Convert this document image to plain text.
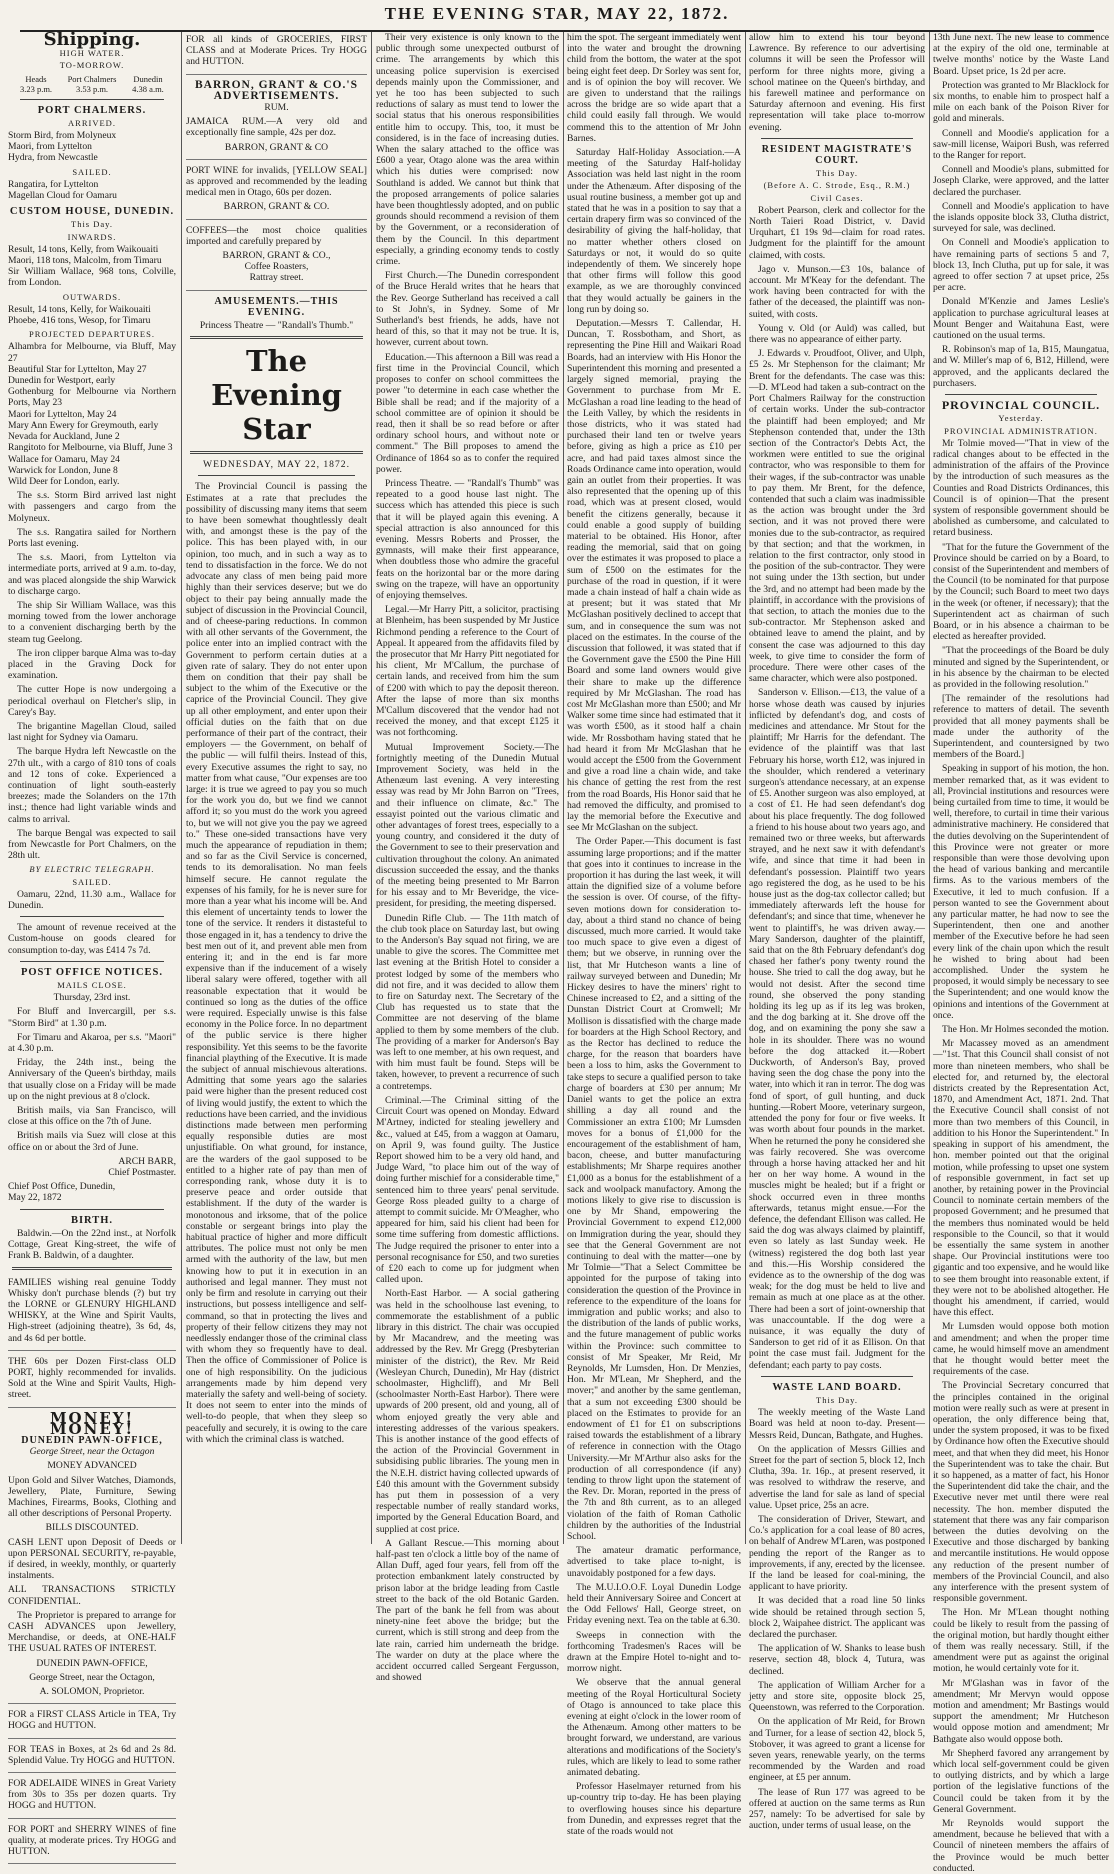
THE EVENING STAR, MAY 22, 1872.
Shipping.
HIGH WATER.
TO-MORROW.
Heads
3.23 p.m.
Port Chalmers
3.53 p.m.
Dunedin
4.38 a.m.
PORT CHALMERS.
ARRIVED.

Storm Bird, from Molyneux
Maori, from Lyttelton
Hydra, from Newcastle

SAILED.

Rangatira, for Lyttelton
Magellan Cloud for Oamaru

CUSTOM HOUSE, DUNEDIN.
This Day.
INWARDS.

Result, 14 tons, Kelly, from Waikouaiti
Maori, 118 tons, Malcolm, from Timaru
Sir William Wallace, 968 tons, Colville, from London.

OUTWARDS.

Result, 14 tons, Kelly, for Waikouaiti
Phoebe, 416 tons, Wesop, for Timaru

PROJECTED DEPARTURES.

Alhambra for Melbourne, via Bluff, May 27
Beautiful Star for Lyttelton, May 27
Dunedin for Westport, early
Gothenburg for Melbourne via Northern Ports, May 23
Maori for Lyttelton, May 24
Mary Ann Ewery for Greymouth, early
Nevada for Auckland, June 2
Rangitoto for Melbourne, via Bluff, June 3
Wallace for Oamaru, May 24
Warwick for London, June 8
Wild Deer for London, early.

The s.s. Storm Bird arrived last night with passengers and cargo from the Molyneux.

The s.s. Rangatira sailed for Northern Ports last evening.

The s.s. Maori, from Lyttelton via intermediate ports, arrived at 9 a.m. to-day, and was placed alongside the ship Warwick to discharge cargo.

The ship Sir William Wallace, was this morning towed from the lower anchorage to a convenient discharging berth by the steam tug Geelong.

The iron clipper barque Alma was to-day placed in the Graving Dock for examination.

The cutter Hope is now undergoing a periodical overhaul on Fletcher's slip, in Carey's Bay.

The brigantine Magellan Cloud, sailed last night for Sydney via Oamaru.

The barque Hydra left Newcastle on the 27th ult., with a cargo of 810 tons of coals and 12 tons of coke. Experienced a continuation of light south-easterly breezes; made the Solanders on the 17th inst.; thence had light variable winds and calms to arrival.

The barque Bengal was expected to sail from Newcastle for Port Chalmers, on the 28th ult.

BY ELECTRIC TELEGRAPH.
SAILED.

Oamaru, 22nd, 11.30 a.m., Wallace for Dunedin.

The amount of revenue received at the Custom-house on goods cleared for consumption to-day, was £414 7s 7d.

POST OFFICE NOTICES.
MAILS CLOSE.

Thursday, 23rd inst.

For Bluff and Invercargill, per s.s. "Storm Bird" at 1.30 p.m.

For Timaru and Akaroa, per s.s. "Maori" at 4.30 p.m.

Friday, the 24th inst., being the Anniversary of the Queen's birthday, mails that usually close on a Friday will be made up on the night previous at 8 o'clock.

British mails, via San Francisco, will close at this office on the 7th of June.

British mails via Suez will close at this office on or about the 3rd of June.

ARCH BARR,
Chief Postmaster.

Chief Post Office, Dunedin,
May 22, 1872

BIRTH.

Baldwin.—On the 22nd inst., at Norfolk Cottage, Great King-street, the wife of Frank B. Baldwin, of a daughter.

FAMILIES wishing real genuine Toddy Whisky don't purchase blends (?) but try the LORNE or GLENURY HIGHLAND WHISKY, at the Wine and Spirit Vaults, High-street (adjoining theatre), 3s 6d, 4s, and 4s 6d per bottle.

THE 60s per Dozen First-class OLD PORT, highly recommended for invalids. Sold at the Wine and Spirit Vaults, High-street.

MONEY! MONEY!
DUNEDIN PAWN-OFFICE,

George Street, near the Octagon

MONEY ADVANCED

Upon Gold and Silver Watches, Diamonds, Jewellery, Plate, Furniture, Sewing Machines, Firearms, Books, Clothing and all other descriptions of Personal Property.

BILLS DISCOUNTED.

CASH LENT upon Deposit of Deeds or upon PERSONAL SECURITY, re-payable, if desired, in weekly, monthly, or quarterly instalments.

ALL TRANSACTIONS STRICTLY CONFIDENTIAL.

The Proprietor is prepared to arrange for CASH ADVANCES upon Jewellery, Merchandise, or deeds, at ONE-HALF THE USUAL RATES OF INTEREST.

DUNEDIN PAWN-OFFICE,

George Street, near the Octagon,

A. SOLOMON, Proprietor.

FOR a FIRST CLASS Article in TEA, Try HOGG and HUTTON.

FOR TEAS in Boxes, at 2s 6d and 2s 8d. Splendid Value. Try HOGG and HUTTON.

FOR ADELAIDE WINES in Great Variety from 30s to 35s per dozen quarts. Try HOGG and HUTTON.

FOR PORT and SHERRY WINES of fine quality, at moderate prices. Try HOGG and HUTTON.

FOR all kinds of GROCERIES, FIRST CLASS and at Moderate Prices. Try HOGG and HUTTON.

BARRON, GRANT & CO.'S ADVERTISEMENTS.

RUM.

JAMAICA RUM.—A very old and exceptionally fine sample, 42s per doz.

BARRON, GRANT & CO

PORT WINE for invalids, [YELLOW SEAL] as approved and recommended by the leading medical men in Otago, 60s per dozen.

BARRON, GRANT & CO.

COFFEES—the most choice qualities imported and carefully prepared by

BARRON, GRANT & CO.,
Coffee Roasters,
Rattray street.

AMUSEMENTS.—THIS EVENING.

Princess Theatre — "Randall's Thumb."

The Evening Star

WEDNESDAY, MAY 22, 1872.

The Provincial Council is passing the Estimates at a rate that precludes the possibility of discussing many items that seem to have been somewhat thoughtlessly dealt with, and amongst these is the pay of the police. This has been played with, in our opinion, too much, and in such a way as to tend to dissatisfaction in the force. We do not advocate any class of men being paid more highly than their services deserve; but we do object to their pay being annually made the subject of discussion in the Provincial Council, and of cheese-paring reductions. In common with all other servants of the Government, the police enter into an implied contract with the Government to perform certain duties at a given rate of salary. They do not enter upon them on condition that their pay shall be subject to the whim of the Executive or the caprice of the Provincial Council. They give up all other employment, and enter upon their official duties on the faith that on due performance of their part of the contract, their employers — the Government, on behalf of the public — will fulfil theirs. Instead of this, every Executive assumes the right to say, no matter from what cause, "Our expenses are too large: it is true we agreed to pay you so much for the work you do, but we find we cannot afford it; so you must do the work you agreed to, but we will not give you the pay we agreed to." These one-sided transactions have very much the appearance of repudiation in them; and so far as the Civil Service is concerned, tends to its demoralisation. No man feels himself secure. He cannot regulate the expenses of his family, for he is never sure for more than a year what his income will be. And this element of uncertainty tends to lower the tone of the service. It renders it distasteful to those engaged in it, has a tendency to drive the best men out of it, and prevent able men from entering it; and in the end is far more expensive than if the inducement of a wisely liberal salary were offered, together with all reasonable expectation that it would be continued so long as the duties of the office were required. Especially unwise is this false economy in the Police force. In no department of the public service is there higher responsibility. Yet this seems to be the favorite financial plaything of the Executive. It is made the subject of annual mischievous alterations. Admitting that some years ago the salaries paid were higher than the present reduced cost of living would justify, the extent to which the reductions have been carried, and the invidious distinctions made between men performing equally responsible duties are most unjustifiable. On what ground, for instance, are the warders of the gaol supposed to be entitled to a higher rate of pay than men of corresponding rank, whose duty it is to preserve peace and order outside that establishment. If the duty of the warder is monotonous and irksome, that of the police constable or sergeant brings into play the habitual practice of higher and more difficult attributes. The police must not only be men armed with the authority of the law, but men knowing how to put it in execution in an authorised and legal manner. They must not only be firm and resolute in carrying out their instructions, but possess intelligence and self-command, so that in protecting the lives and property of their fellow citizens they may not needlessly endanger those of the criminal class with whom they so frequently have to deal. Then the office of Commissioner of Police is one of high responsibility. On the judicious arrangements made by him depend very materially the safety and well-being of society. It does not seem to enter into the minds of well-to-do people, that when they sleep so peacefully and securely, it is owing to the care with which the criminal class is watched.

Their very existence is only known to the public through some unexpected outburst of crime. The arrangements by which this unceasing police supervision is exercised depends mainly upon the Commissioner, and yet he too has been subjected to such reductions of salary as must tend to lower the social status that his onerous responsibilities entitle him to occupy. This, too, it must be considered, is in the face of increasing duties. When the salary attached to the office was £600 a year, Otago alone was the area within which his duties were comprised: now Southland is added. We cannot but think that the proposed arrangements of police salaries have been thoughtlessly adopted, and on public grounds should recommend a revision of them by the Government, or a reconsideration of them by the Council. In this department especially, a grinding economy tends to costly crime.

First Church.—The Dunedin correspondent of the Bruce Herald writes that he hears that the Rev. George Sutherland has received a call to St John's, in Sydney. Some of Mr Sutherland's best friends, he adds, have not heard of this, so that it may not be true. It is, however, current about town.

Education.—This afternoon a Bill was read a first time in the Provincial Council, which proposes to confer on school committees the power "to determine in each case whether the Bible shall be read; and if the majority of a school committee are of opinion it should be read, then it shall be so read before or after ordinary school hours, and without note or comment." The Bill proposes to amend the Ordinance of 1864 so as to confer the required power.

Princess Theatre. — "Randall's Thumb" was repeated to a good house last night. The success which has attended this piece is such that it will be played again this evening. A special attraction is also announced for this evening. Messrs Roberts and Prosser, the gymnasts, will make their first appearance, when doubtless those who admire the graceful feats on the horizontal bar or the more daring swing on the trapeze, will have an opportunity of enjoying themselves.

Legal.—Mr Harry Pitt, a solicitor, practising at Blenheim, has been suspended by Mr Justice Richmond pending a reference to the Court of Appeal. It appeared from the affidavits filed by the prosecutor that Mr Harry Pitt negotiated for his client, Mr M'Callum, the purchase of certain lands, and received from him the sum of £200 with which to pay the deposit thereon. After the lapse of more than six months M'Callum discovered that the vendor had not received the money, and that except £125 it was not forthcoming.

Mutual Improvement Society.—The fortnightly meeting of the Dunedin Mutual Improvement Society, was held in the Athenæum last evening. A very interesting essay was read by Mr John Barron on "Trees, and their influence on climate, &c." The essayist pointed out the various climatic and other advantages of forest trees, especially to a young country, and considered it the duty of the Government to see to their preservation and cultivation throughout the colony. An animated discussion succeeded the essay, and the thanks of the meeting being presented to Mr Barron for his essay and to Mr Beveridge, the vice-president, for presiding, the meeting dispersed.

Dunedin Rifle Club. — The 11th match of the club took place on Saturday last, but owing to the Anderson's Bay squad not firing, we are unable to give the scores. The Committee met last evening at the British Hotel to consider a protest lodged by some of the members who did not fire, and it was decided to allow them to fire on Saturday next. The Secretary of the Club has requested us to state that the Committee are not deserving of the blame applied to them by some members of the club. The providing of a marker for Anderson's Bay was left to one member, at his own request, and with him must fault be found. Steps will be taken, however, to prevent a recurrence of such a contretemps.

Criminal.—The Criminal sitting of the Circuit Court was opened on Monday. Edward M'Artney, indicted for stealing jewellery and &c., valued at £45, from a waggon at Oamaru, on April 9, was found guilty. The Justice Report showed him to be a very old hand, and Judge Ward, "to place him out of the way of doing further mischief for a considerable time," sentenced him to three years' penal servitude. George Ross pleaded guilty to a charge of attempt to commit suicide. Mr O'Meagher, who appeared for him, said his client had been for some time suffering from domestic afflictions. The Judge required the prisoner to enter into a personal recognisance for £50, and two sureties of £20 each to come up for judgment when called upon.

North-East Harbor. — A social gathering was held in the schoolhouse last evening, to commemorate the establishment of a public library in this district. The chair was occupied by Mr Macandrew, and the meeting was addressed by the Rev. Mr Gregg (Presbyterian minister of the district), the Rev. Mr Reid (Wesleyan Church, Dunedin), Mr Hay (district schoolmaster, Highcliff), and Mr Bell (schoolmaster North-East Harbor). There were upwards of 200 present, old and young, all of whom enjoyed greatly the very able and interesting addresses of the various speakers. This is another instance of the good effects of the action of the Provincial Government in subsidising public libraries. The young men in the N.E.H. district having collected upwards of £40 this amount with the Government subsidy has put them in possession of a very respectable number of really standard works, imported by the General Education Board, and supplied at cost price.

A Gallant Rescue.—This morning about half-past ten o'clock a little boy of the name of Allan Duff, aged four years, fell from off the protection embankment lately constructed by prison labor at the bridge leading from Castle street to the back of the old Botanic Garden. The part of the bank he fell from was about ninety-nine feet above the bridge; but the current, which is still strong and deep from the late rain, carried him underneath the bridge. The warder on duty at the place where the accident occurred called Sergeant Fergusson, and showed

him the spot. The sergeant immediately went into the water and brought the drowning child from the bottom, the water at the spot being eight feet deep. Dr Sorley was sent for, and is of opinion the boy will recover. We are given to understand that the railings across the bridge are so wide apart that a child could easily fall through. We would commend this to the attention of Mr John Barnes.

Saturday Half-Holiday Association.—A meeting of the Saturday Half-holiday Association was held last night in the room under the Athenæum. After disposing of the usual routine business, a member got up and stated that he was in a position to say that a certain drapery firm was so convinced of the desirability of giving the half-holiday, that no matter whether others closed on Saturdays or not, it would do so quite independently of them. We sincerely hope that other firms will follow this good example, as we are thoroughly convinced that they would actually be gainers in the long run by doing so.

Deputation.—Messrs T. Callendar, H. Duncan, T. Rossbotham, and Short, as representing the Pine Hill and Waikari Road Boards, had an interview with His Honor the Superintendent this morning and presented a largely signed memorial, praying the Government to purchase from Mr E. McGlashan a road line leading to the head of the Leith Valley, by which the residents in those districts, who it was stated had purchased their land ten or twelve years before, giving as high a price as £10 per acre, and had paid taxes almost since the Roads Ordinance came into operation, would gain an outlet from their properties. It was also represented that the opening up of this road, which was at present closed, would benefit the citizens generally, because it could enable a good supply of building material to be obtained. His Honor, after reading the memorial, said that on going over the estimates it was proposed to place a sum of £500 on the estimates for the purchase of the road in question, if it were made a chain instead of half a chain wide as at present; but it was stated that Mr McGlashan positively declined to accept that sum, and in consequence the sum was not placed on the estimates. In the course of the discussion that followed, it was stated that if the Government gave the £500 the Pine Hill Board and some land owners would give their share to make up the difference required by Mr McGlashan. The road has cost Mr McGlashan more than £500; and Mr Walker some time since had estimated that it was worth £500, as it stood half a chain wide. Mr Rossbotham having stated that he had heard it from Mr McGlashan that he would accept the £500 from the Government and give a road line a chain wide, and take his chance of getting the rest from the rest from the road Boards, His Honor said that he had removed the difficulty, and promised to lay the memorial before the Executive and see Mr McGlashan on the subject.

The Order Paper.—This document is fast assuming large proportions; and if the matter that goes into it continues to increase in the proportion it has during the last week, it will attain the dignified size of a volume before the session is over. Of course, of the fifty-seven motions down for consideration to-day, about a third stand no chance of being discussed, much more carried. It would take too much space to give even a digest of them; but we observe, in running over the list, that Mr Hutcheson wants a line of railway surveyed between and Dunedin; Mr Hickey desires to have the miners' right to Chinese increased to £2, and a sitting of the Dunstan District Court at Cromwell; Mr Mollison is dissatisfied with the charge made for boarders at the High School Rectory, and as the Rector has declined to reduce the charge, for the reason that boarders have been a loss to him, asks the Government to take steps to secure a qualified person to take charge of boarders at £30 per annum; Mr Daniel wants to get the police an extra shilling a day all round and the Commissioner an extra £100; Mr Lumsden moves for a bonus of £1,000 for the encouragement of the establishment of ham, bacon, cheese, and butter manufacturing establishments; Mr Sharpe requires another £1,000 as a bonus for the establishment of a sack and woolpack manufactory. Among the motions likely to give rise to discussion is one by Mr Shand, empowering the Provincial Government to expend £12,000 on Immigration during the year, should they see that the General Government are not continuing to deal with the matter—one by Mr Tolmie—"That a Select Committee be appointed for the purpose of taking into consideration the question of the Province in reference to the expenditure of the loans for immigration and public works; and also to the distribution of the lands of public works, and the future management of public works within the Province: such committee to consist of Mr Speaker, Mr Reid, Mr Reynolds, Mr Lumsden, Hon. Dr Menzies, Hon. Mr M'Lean, Mr Shepherd, and the mover;" and another by the same gentleman, that a sum not exceeding £300 should be placed on the Estimates to provide for an endowment of £1 for £1 on subscriptions raised towards the establishment of a library of reference in connection with the Otago University.—Mr M'Arthur also asks for the production of all correspondence (if any) tending to throw light upon the statement of the Rev. Dr. Moran, reported in the press of the 7th and 8th current, as to an alleged violation of the faith of Roman Catholic children by the authorities of the Industrial School.

The amateur dramatic performance, advertised to take place to-night, is unavoidably postponed for a few days.

The M.U.I.O.O.F. Loyal Dunedin Lodge held their Anniversary Soiree and Concert at the Odd Fellows' Hall, George street, on Friday evening next. Tea on the table at 6.30.

Sweeps in connection with the forthcoming Tradesmen's Races will be drawn at the Empire Hotel to-night and to-morrow night.

We observe that the annual general meeting of the Royal Horticultural Society of Otago is announced to take place this evening at eight o'clock in the lower room of the Athenæum. Among other matters to be brought forward, we understand, are various alterations and modifications of the Society's rules, which are likely to lead to some rather animated debating.

Professor Haselmayer returned from his up-country trip to-day. He has been playing to overflowing houses since his departure from Dunedin, and expresses regret that the state of the roads would not

allow him to extend his tour beyond Lawrence. By reference to our advertising columns it will be seen the Professor will perform for three nights more, giving a school matinee on the Queen's birthday, and his farewell matinee and performance on Saturday afternoon and evening. His first representation will take place to-morrow evening.

RESIDENT MAGISTRATE'S COURT.
This Day.
(Before A. C. Strode, Esq., R.M.)
Civil Cases.

Robert Pearson, clerk and collector for the North Taieri Road District, v. David Urquhart, £1 19s 9d—claim for road rates. Judgment for the plaintiff for the amount claimed, with costs.

Jago v. Munson.—£3 10s, balance of account. Mr M'Keay for the defendant. The work having been contracted for with the father of the deceased, the plaintiff was non-suited, with costs.

Young v. Old (or Auld) was called, but there was no appearance of either party.

J. Edwards v. Proudfoot, Oliver, and Ulph, £5 2s. Mr Stephenson for the claimant; Mr Brent for the defendants. The case was this:—D. M'Leod had taken a sub-contract on the Port Chalmers Railway for the construction of certain works. Under the sub-contractor the plaintiff had been employed; and Mr Stephenson contended that, under the 13th section of the Contractor's Debts Act, the workmen were entitled to sue the original contractor, who was responsible to them for their wages, if the sub-contractor was unable to pay them. Mr Brent, for the defence, contended that such a claim was inadmissible as the action was brought under the 3rd section, and it was not proved there were monies due to the sub-contractor, as required by that section; and that the workmen, in relation to the first contractor, only stood in the position of the sub-contractor. They were not suing under the 13th section, but under the 3rd, and no attempt had been made by the plaintiff, in accordance with the provisions of that section, to attach the monies due to the sub-contractor. Mr Stephenson asked and obtained leave to amend the plaint, and by consent the case was adjourned to this day week, to give time to consider the form of procedure. There were other cases of the same character, which were also postponed.

Sanderson v. Ellison.—£13, the value of a horse whose death was caused by injuries inflicted by defendant's dog, and costs of medicines and attendance. Mr Stout for the plaintiff; Mr Harris for the defendant. The evidence of the plaintiff was that last February his horse, worth £12, was injured in the shoulder, which rendered a veterinary surgeon's attendance necessary, at an expense of £5. Another surgeon was also employed, at a cost of £1. He had seen defendant's dog about his place frequently. The dog followed a friend to his house about two years ago, and remained two or three weeks, but afterwards strayed, and he next saw it with defendant's wife, and since that time it had been in defendant's possession. Plaintiff two years ago registered the dog, as he used to be his house just as the dog-tax collector called; but immediately afterwards left the house for defendant's; and since that time, whenever he went to plaintiff's, he was driven away.—Mary Sanderson, daughter of the plaintiff, said that on the 8th February defendant's dog chased her father's pony twenty round the house. She tried to call the dog away, but he would not desist. After the second time round, she observed the pony standing holding its leg up as if its leg was broken, and the dog barking at it. She drove off the dog, and on examining the pony she saw a hole in its shoulder. There was no wound before the dog attacked it.—Robert Duckworth, of Anderson's Bay, proved having seen the dog chase the pony into the water, into which it ran in terror. The dog was fond of sport, of gull hunting, and duck hunting.—Robert Moore, veterinary surgeon, attended the pony for four or five weeks. It was worth about four pounds in the market. When he returned the pony he considered she was fairly recovered. She was overcome through a horse having attacked her and hit her on her way home. A wound in the muscles might be healed; but if a fright or shock occurred even in three months afterwards, tetanus might ensue.—For the defence, the defendant Ellison was called. He said the dog was always claimed by plaintiff, even so lately as last Sunday week. He (witness) registered the dog both last year and this.—His Worship considered the evidence as to the ownership of the dog was weak; for the dog must be held to live and remain as much at one place as at the other. There had been a sort of joint-ownership that was unaccountable. If the dog were a nuisance, it was equally the duty of Sanderson to get rid of it as Ellison. On that point the case must fail. Judgment for the defendant; each party to pay costs.

WASTE LAND BOARD.
This Day.

The weekly meeting of the Waste Land Board was held at noon to-day. Present—Messrs Reid, Duncan, Bathgate, and Hughes.

On the application of Messrs Gillies and Street for the part of section 5, block 12, Inch Clutha, 39a. 1r. 16p., at present reserved, it was resolved to withdraw the reserve, and advertise the land for sale as land of special value. Upset price, 25s an acre.

The consideration of Driver, Stewart, and Co.'s application for a coal lease of 80 acres, on behalf of Andrew M'Laren, was postponed pending the report of the Ranger as to improvements, if any, erected by the licensee. If the land be leased for coal-mining, the applicant to have priority.

It was decided that a road line 50 links wide should be retained through section 5, block 2, Waipahee district. The applicant was declared the purchaser.

The application of W. Shanks to lease bush reserve, section 48, block 4, Tutura, was declined.

The application of William Archer for a jetty and store site, opposite block 25, Queenstown, was referred to the Corporation.

On the application of Mr Reid, for Brown and Turner, for a lease of section 42, block 5, Stobover, it was agreed to grant a license for seven years, renewable yearly, on the terms recommended by the Warden and road engineer, at £5 per annum.

The lease of Run 177 was agreed to be offered at auction on the same terms as Run 257, namely: To be advertised for sale by auction, under terms of usual lease, on the

13th June next. The new lease to commence at the expiry of the old one, terminable at twelve months' notice by the Waste Land Board. Upset price, 1s 2d per acre.

Protection was granted to Mr Blacklock for six months, to enable him to prospect half a mile on each bank of the Poison River for gold and minerals.

Connell and Moodie's application for a saw-mill license, Waipori Bush, was referred to the Ranger for report.

Connell and Moodie's plans, submitted for Joseph Clarke, were approved, and the latter declared the purchaser.

Connell and Moodie's application to have the islands opposite block 33, Clutha district, surveyed for sale, was declined.

On Connell and Moodie's application to have remaining parts of sections 5 and 7, block 13, Inch Clutha, put up for sale, it was agreed to offer section 7 at upset price, 25s per acre.

Donald M'Kenzie and James Leslie's application to purchase agricultural leases at Mount Benger and Waitahuna East, were cautioned on the usual terms.

R. Robinson's map of 1a, B15, Maungatua, and W. Miller's map of 6, B12, Hillend, were approved, and the applicants declared the purchasers.

PROVINCIAL COUNCIL.
Yesterday.
PROVINCIAL ADMINISTRATION.

Mr Tolmie moved—"That in view of the radical changes about to be effected in the administration of the affairs of the Province by the introduction of such measures as the Counties and Road Districts Ordinances, this Council is of opinion—That the present system of responsible government should be abolished as cumbersome, and calculated to retard business.

"That for the future the Government of the Province should be carried on by a Board, to consist of the Superintendent and members of the Council (to be nominated for that purpose by the Council; such Board to meet two days in the week (or oftener, if necessary); that the Superintendent act as chairman of such Board, or in his absence a chairman to be elected as hereafter provided.

"That the proceedings of the Board be duly minuted and signed by the Superintendent, or in his absence by the chairman to be elected as provided in the following resolution."

[The remainder of the resolutions had reference to matters of detail. The seventh provided that all money payments shall be made under the authority of the Superintendent, and countersigned by two members of the Board.]

Speaking in support of his motion, the hon. member remarked that, as it was evident to all, Provincial institutions and resources were being curtailed from time to time, it would be well, therefore, to curtail in time their various administrative machinery. He considered that the duties devolving on the Superintendent of this Province were not greater or more responsible than were those devolving upon the head of various banking and mercantile firms. As to the various members of the Executive, it led to much confusion. If a person wanted to see the Government about any particular matter, he had now to see the Superintendent, then one and another member of the Executive before he had seen every link of the chain upon which the result he wished to bring about had been accomplished. Under the system he proposed, it would simply be necessary to see the Superintendent; and one would know the opinions and intentions of the Government at once.

The Hon. Mr Holmes seconded the motion.

Mr Macassey moved as an amendment—"1st. That this Council shall consist of not more than nineteen members, who shall be elected for, and returned by, the electoral districts created by the Representation Act, 1870, and Amendment Act, 1871. 2nd. That the Executive Council shall consist of not more than two members of this Council, in addition to his Honor the Superintendent." In speaking in support of his amendment, the hon. member pointed out that the original motion, while professing to upset one system of responsible government, in fact set up another, by retaining power in the Provincial Council to nominate certain members of the proposed Government; and he presumed that the members thus nominated would be held responsible to the Council, so that it would be essentially the same system in another shape. Our Provincial institutions were too gigantic and too expensive, and he would like to see them brought into reasonable extent, if they were not to be abolished altogether. He thought his amendment, if carried, would have this effect.

Mr Lumsden would oppose both motion and amendment; and when the proper time came, he would himself move an amendment that he thought would better meet the requirements of the case.

The Provincial Secretary concurred that the principles contained in the original motion were really such as were at present in operation, the only difference being that, under the system proposed, it was to be fixed by Ordinance how often the Executive should meet, and that when they did meet, his Honor the Superintendent was to take the chair. But it so happened, as a matter of fact, his Honor the Superintendent did take the chair, and the Executive never met until there were real necessity. The hon. member disputed the statement that there was any fair comparison between the duties devolving on the Executive and those discharged by banking and mercantile institutions. He would oppose any reduction of the present number of members of the Provincial Council, and also any interference with the present system of responsible government.

The Hon. Mr M'Lean thought nothing could be likely to result from the passing of the original motion, but hardly thought either of them was really necessary. Still, if the amendment were put as against the original motion, he would certainly vote for it.

Mr M'Glashan was in favor of the amendment; Mr Mervyn would oppose motion and amendment; Mr Bastings would support the amendment; Mr Hutcheson would oppose motion and amendment; Mr Bathgate also would oppose both.

Mr Shepherd favored any arrangement by which local self-government could be given to outlying districts, and by which a large portion of the legislative functions of the Council could be taken from it by the General Government.

Mr Reynolds would support the amendment, because he believed that with a Council of nineteen members the affairs of the Province would be much better conducted.
